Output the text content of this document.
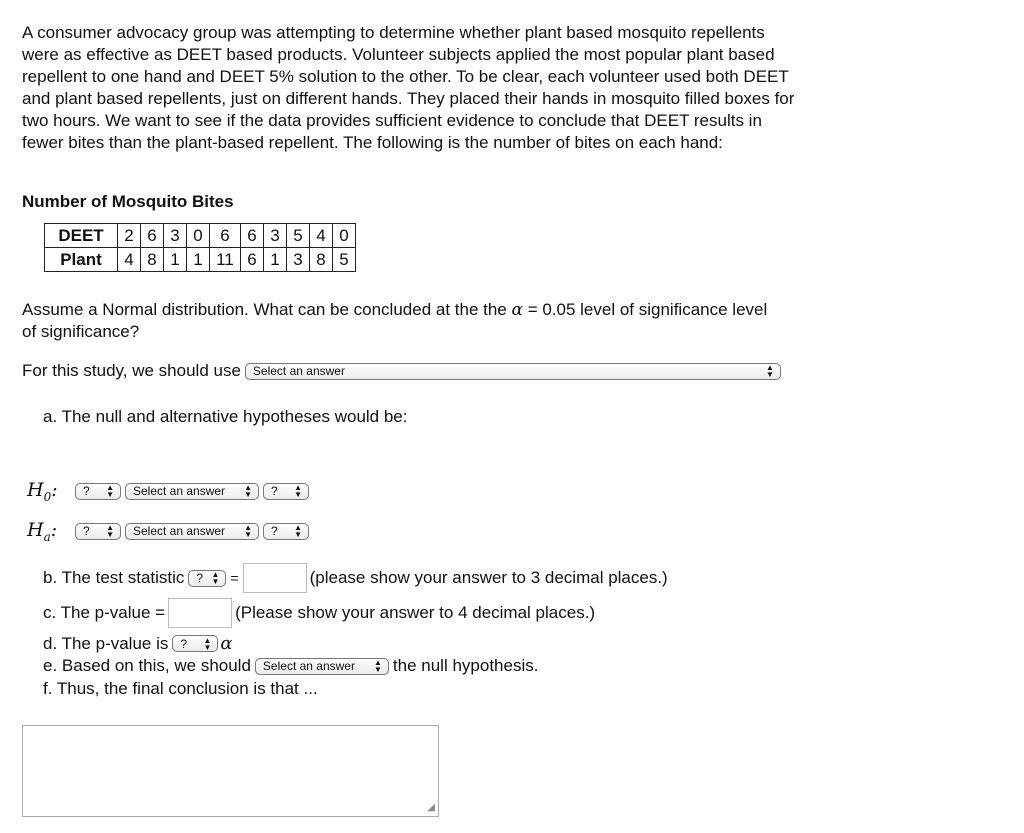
A consumer advocacy group was attempting to determine whether plant based mosquito repellents were as effective as DEET based products. Volunteer subjects applied the most popular plant based repellent to one hand and DEET 5% solution to the other. To be clear, each volunteer used both DEET and plant based repellents, just on different hands. They placed their hands in mosquito filled boxes for two hours. We want to see if the data provides sufficient evidence to conclude that DEET results in fewer bites than the plant-based repellent. The following is the number of bites on each hand:

Number of Mosquito Bites
DEET	2	6	3	0	6	6	3	5	4	0
Plant	4	8	1	1	11	6	1	3	8	5

Assume a Normal distribution. What can be concluded at the the α = 0.05 level of significance level of significance?

For this study, we should use Select an answer	▲
▼
a. The null and alternative hypotheses would be:
$H_0$:	? ▲
▼ Select an answer ▲
▼ ? ▲
▼
$H_a$:	? ▲
▼ Select an answer ▲
▼ ? ▲
▼
b. The test statistic ? ▲
▼ =	(please show your answer to 3 decimal places.)
c. The p-value =	(Please show your answer to 4 decimal places.)
d. The p-value is ? ▲
▼ α
e. Based on this, we should Select an answer ▲
▼ the null hypothesis.
f. Thus, the final conclusion is that ...
◢
